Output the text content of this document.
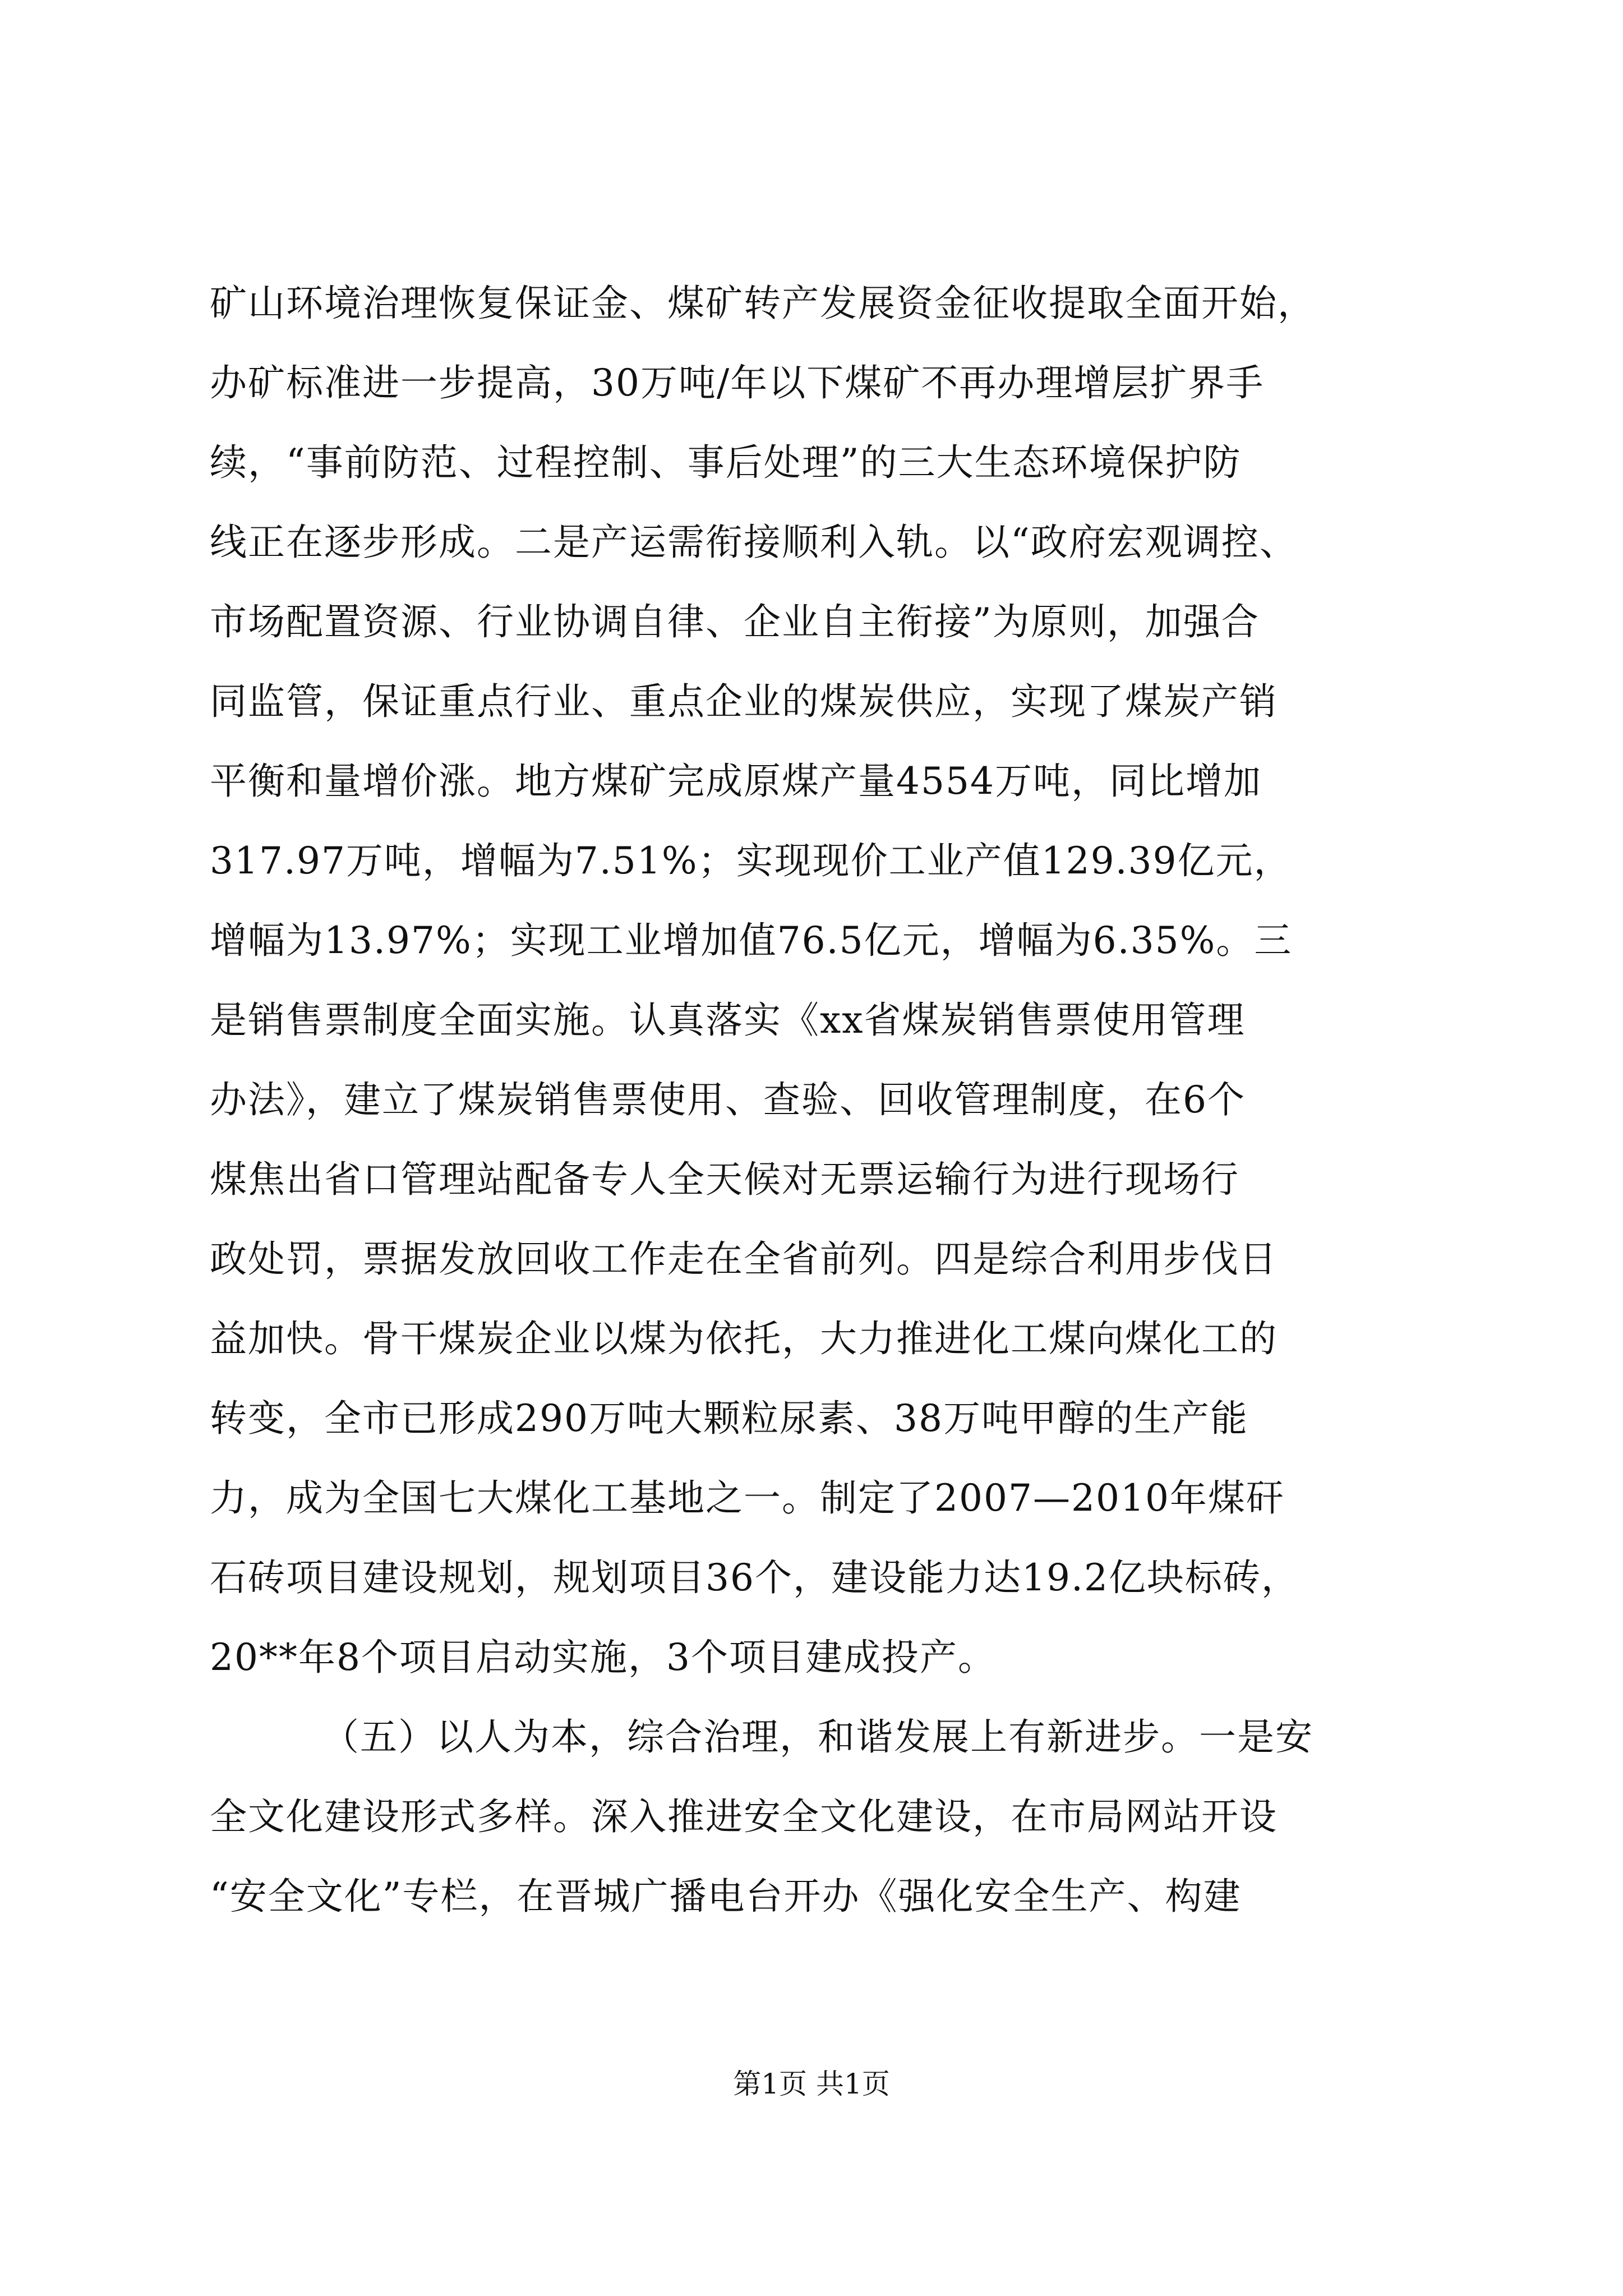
矿山环境治理恢复保证金、煤矿转产发展资金征收提取全面开始，
办矿标准进一步提高，30万吨/年以下煤矿不再办理增层扩界手
续，“事前防范、过程控制、事后处理”的三大生态环境保护防
线正在逐步形成。二是产运需衔接顺利入轨。以“政府宏观调控、
市场配置资源、行业协调自律、企业自主衔接”为原则，加强合
同监管，保证重点行业、重点企业的煤炭供应，实现了煤炭产销
平衡和量增价涨。地方煤矿完成原煤产量4554万吨，同比增加
317.97万吨，增幅为7.51%；实现现价工业产值129.39亿元，
增幅为13.97%；实现工业增加值76.5亿元，增幅为6.35%。三
是销售票制度全面实施。认真落实《xx省煤炭销售票使用管理
办法》，建立了煤炭销售票使用、查验、回收管理制度，在6个
煤焦出省口管理站配备专人全天候对无票运输行为进行现场行
政处罚，票据发放回收工作走在全省前列。四是综合利用步伐日
益加快。骨干煤炭企业以煤为依托，大力推进化工煤向煤化工的
转变，全市已形成290万吨大颗粒尿素、38万吨甲醇的生产能
力，成为全国七大煤化工基地之一。制定了2007—2010年煤矸
石砖项目建设规划，规划项目36个，建设能力达19.2亿块标砖，
20**年8个项目启动实施，3个项目建成投产。
（五）以人为本，综合治理，和谐发展上有新进步。一是安
全文化建设形式多样。深入推进安全文化建设，在市局网站开设
“安全文化”专栏，在晋城广播电台开办《强化安全生产、构建
第1页 共1页
